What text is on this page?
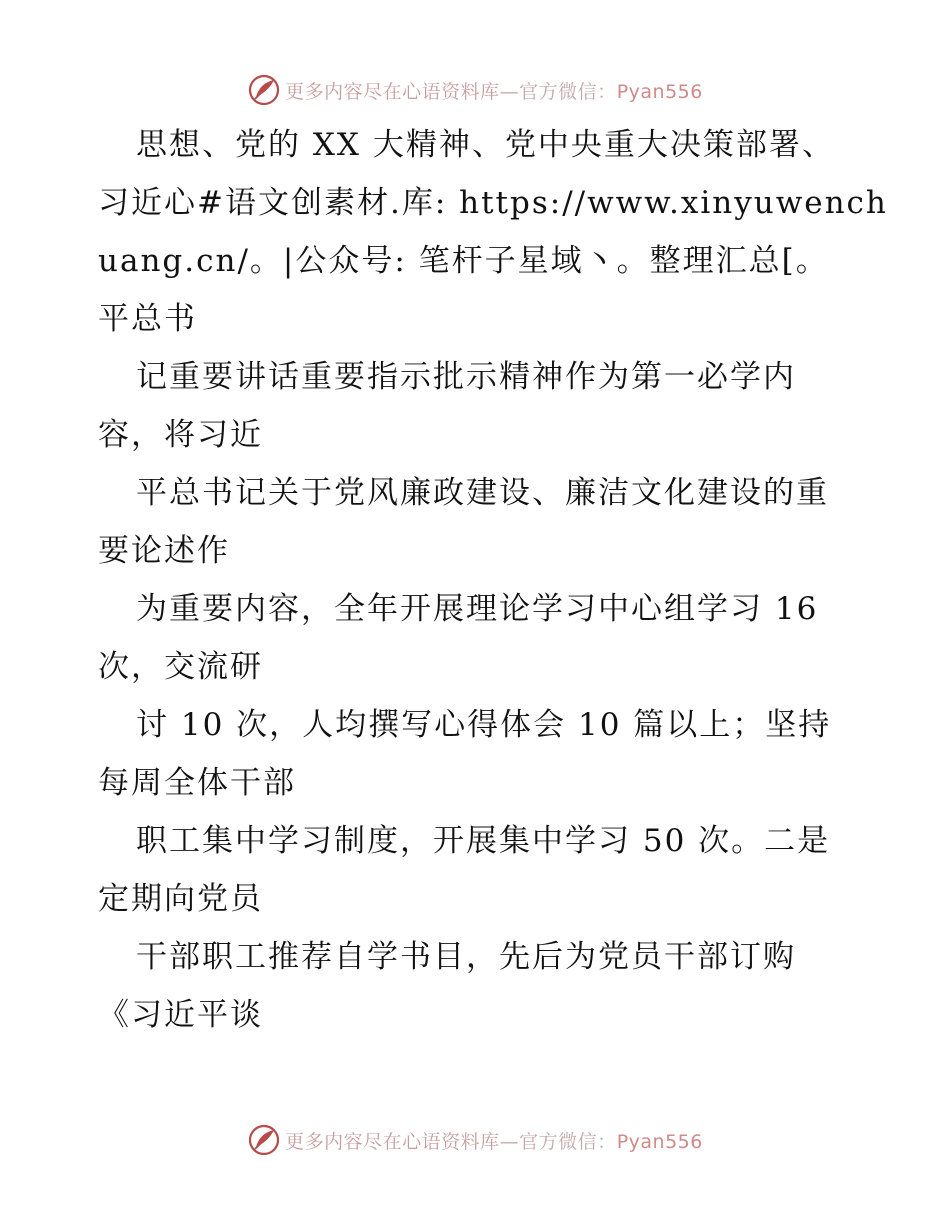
更多内容尽在心语资料库—官方微信：Pyan556
思想、党的 XX 大精神、党中央重大决策部署、
习近心#语文创素材.库: https://www.xinyuwench
uang.cn/。|公众号: 笔杆子星域丶。整理汇总[。
平总书
记重要讲话重要指示批示精神作为第一必学内
容，将习近
平总书记关于党风廉政建设、廉洁文化建设的重
要论述作
为重要内容，全年开展理论学习中心组学习 16
次，交流研
讨 10 次，人均撰写心得体会 10 篇以上；坚持
每周全体干部
职工集中学习制度，开展集中学习 50 次。二是
定期向党员
干部职工推荐自学书目，先后为党员干部订购
《习近平谈
更多内容尽在心语资料库—官方微信：Pyan556
